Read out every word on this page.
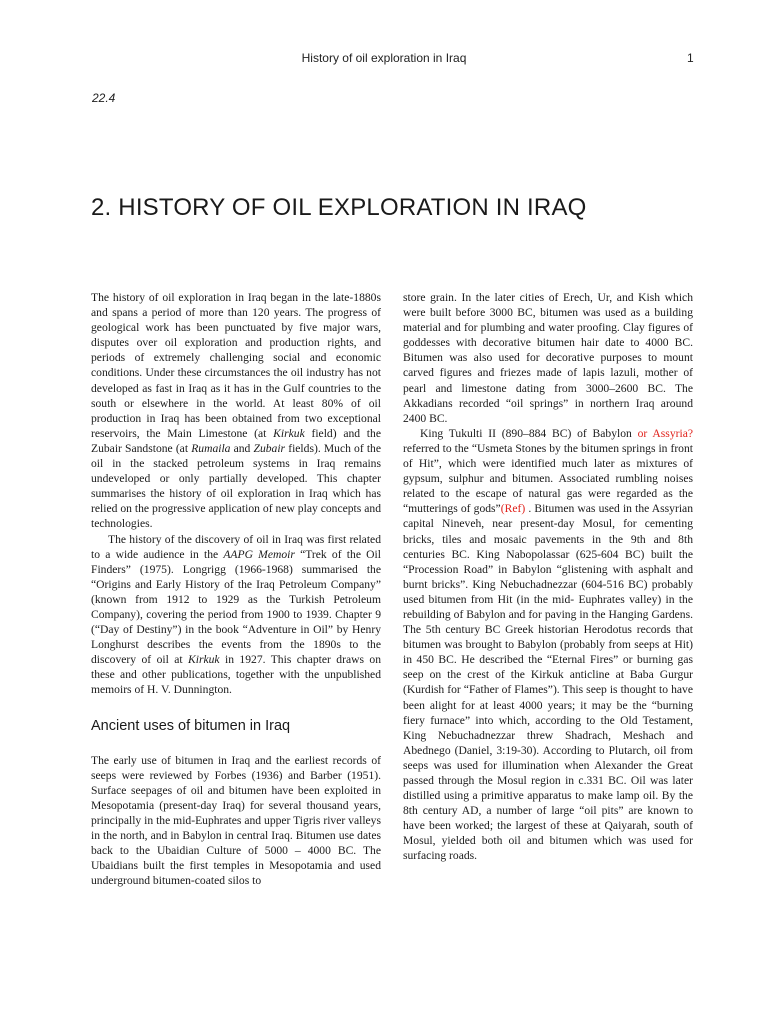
History of oil exploration in Iraq	1
22.4
2. HISTORY OF OIL EXPLORATION IN IRAQ

The history of oil exploration in Iraq began in the late-1880s and spans a period of more than 120 years. The progress of geological work has been punctuated by five major wars, disputes over oil exploration and production rights, and periods of extremely challenging social and economic conditions. Under these circumstances the oil industry has not developed as fast in Iraq as it has in the Gulf countries to the south or elsewhere in the world. At least 80% of oil production in Iraq has been obtained from two exceptional reservoirs, the Main Limestone (at Kirkuk field) and the Zubair Sandstone (at Rumaila and Zubair fields). Much of the oil in the stacked petroleum systems in Iraq remains undeveloped or only partially developed. This chapter summarises the history of oil exploration in Iraq which has relied on the progressive application of new play concepts and technologies.

The history of the discovery of oil in Iraq was first related to a wide audience in the AAPG Memoir “Trek of the Oil Finders” (1975). Longrigg (1966-1968) summarised the “Origins and Early History of the Iraq Petroleum Company” (known from 1912 to 1929 as the Turkish Petroleum Company), covering the period from 1900 to 1939. Chapter 9 (“Day of Destiny”) in the book “Adventure in Oil” by Henry Longhurst describes the events from the 1890s to the discovery of oil at Kirkuk in 1927. This chapter draws on these and other publications, together with the unpublished memoirs of H. V. Dunnington.

Ancient uses of bitumen in Iraq

The early use of bitumen in Iraq and the earliest records of seeps were reviewed by Forbes (1936) and Barber (1951). Surface seepages of oil and bitumen have been exploited in Mesopotamia (present-day Iraq) for several thousand years, principally in the mid-Euphrates and upper Tigris river valleys in the north, and in Babylon in central Iraq. Bitumen use dates back to the Ubaidian Culture of 5000 – 4000 BC. The Ubaidians built the first temples in Mesopotamia and used underground bitumen-coated silos to

store grain. In the later cities of Erech, Ur, and Kish which were built before 3000 BC, bitumen was used as a building material and for plumbing and water proofing. Clay figures of goddesses with decorative bitumen hair date to 4000 BC. Bitumen was also used for decorative purposes to mount carved figures and friezes made of lapis lazuli, mother of pearl and limestone dating from 3000–2600 BC. The Akkadians recorded “oil springs” in northern Iraq around 2400 BC.

King Tukulti II (890–884 BC) of Babylon or Assyria? referred to the “Usmeta Stones by the bitumen springs in front of Hit”, which were identified much later as mixtures of gypsum, sulphur and bitumen. Associated rumbling noises related to the escape of natural gas were regarded as the “mutterings of gods”(Ref) . Bitumen was used in the Assyrian capital Nineveh, near present-day Mosul, for cementing bricks, tiles and mosaic pavements in the 9th and 8th centuries BC. King Nabopolassar (625-604 BC) built the “Procession Road” in Babylon “glistening with asphalt and burnt bricks”. King Nebuchadnezzar (604-516 BC) probably used bitumen from Hit (in the mid- Euphrates valley) in the rebuilding of Babylon and for paving in the Hanging Gardens. The 5th century BC Greek historian Herodotus records that bitumen was brought to Babylon (probably from seeps at Hit) in 450 BC. He described the “Eternal Fires” or burning gas seep on the crest of the Kirkuk anticline at Baba Gurgur (Kurdish for “Father of Flames”). This seep is thought to have been alight for at least 4000 years; it may be the “burning fiery furnace” into which, according to the Old Testament, King Nebuchadnezzar threw Shadrach, Meshach and Abednego (Daniel, 3:19-30). According to Plutarch, oil from seeps was used for illumination when Alexander the Great passed through the Mosul region in c.331 BC. Oil was later distilled using a primitive apparatus to make lamp oil. By the 8th century AD, a number of large “oil pits” are known to have been worked; the largest of these at Qaiyarah, south of Mosul, yielded both oil and bitumen which was used for surfacing roads.
